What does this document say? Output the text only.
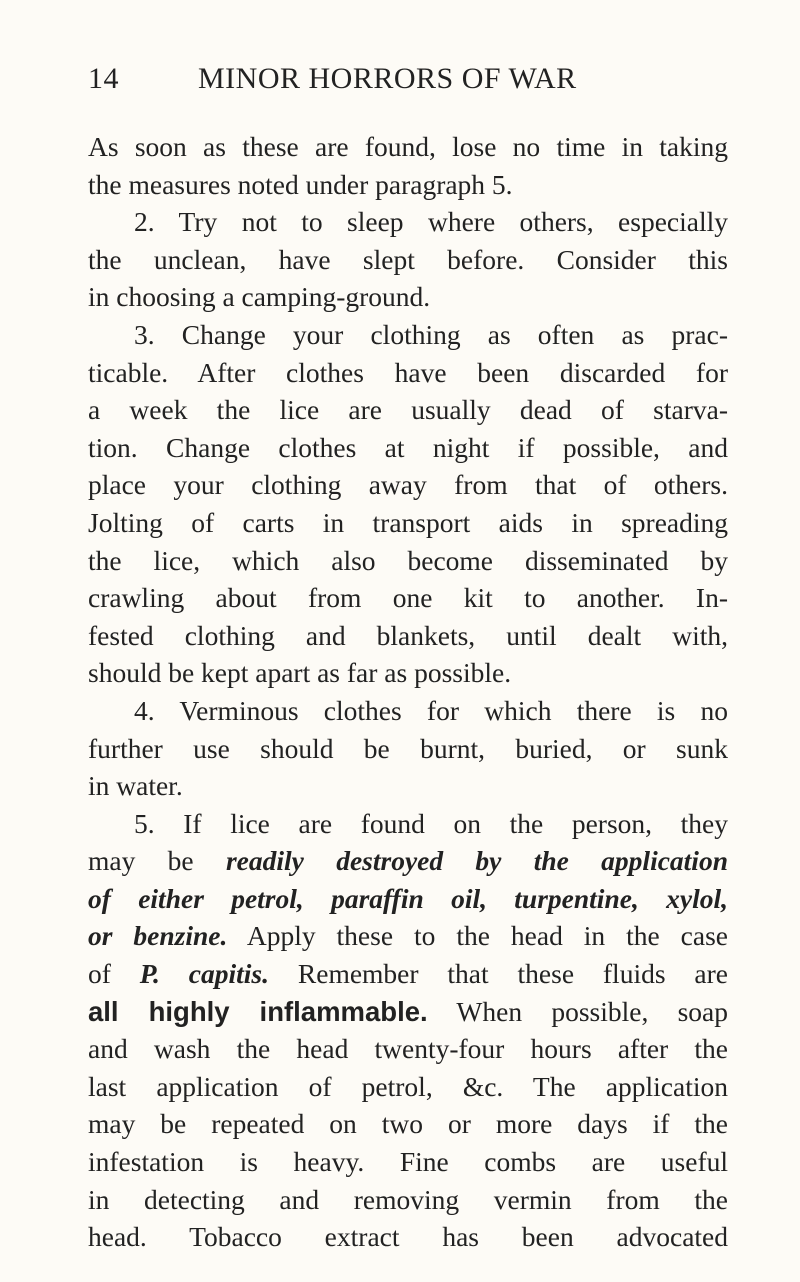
14	MINOR HORRORS OF WAR
As soon as these are found, lose no time in taking
the measures noted under paragraph 5.
2. Try not to sleep where others, especially
the unclean, have slept before. Consider this
in choosing a camping-ground.
3. Change your clothing as often as prac-
ticable. After clothes have been discarded for
a week the lice are usually dead of starva-
tion. Change clothes at night if possible, and
place your clothing away from that of others.
Jolting of carts in transport aids in spreading
the lice, which also become disseminated by
crawling about from one kit to another. In-
fested clothing and blankets, until dealt with,
should be kept apart as far as possible.
4. Verminous clothes for which there is no
further use should be burnt, buried, or sunk
in water.
5. If lice are found on the person, they
may be readily destroyed by the application
of either petrol, paraffin oil, turpentine, xylol,
or benzine. Apply these to the head in the case
of P. capitis. Remember that these fluids are
all highly inflammable. When possible, soap
and wash the head twenty-four hours after the
last application of petrol, &c. The application
may be repeated on two or more days if the
infestation is heavy. Fine combs are useful
in detecting and removing vermin from the
head. Tobacco extract has been advocated
